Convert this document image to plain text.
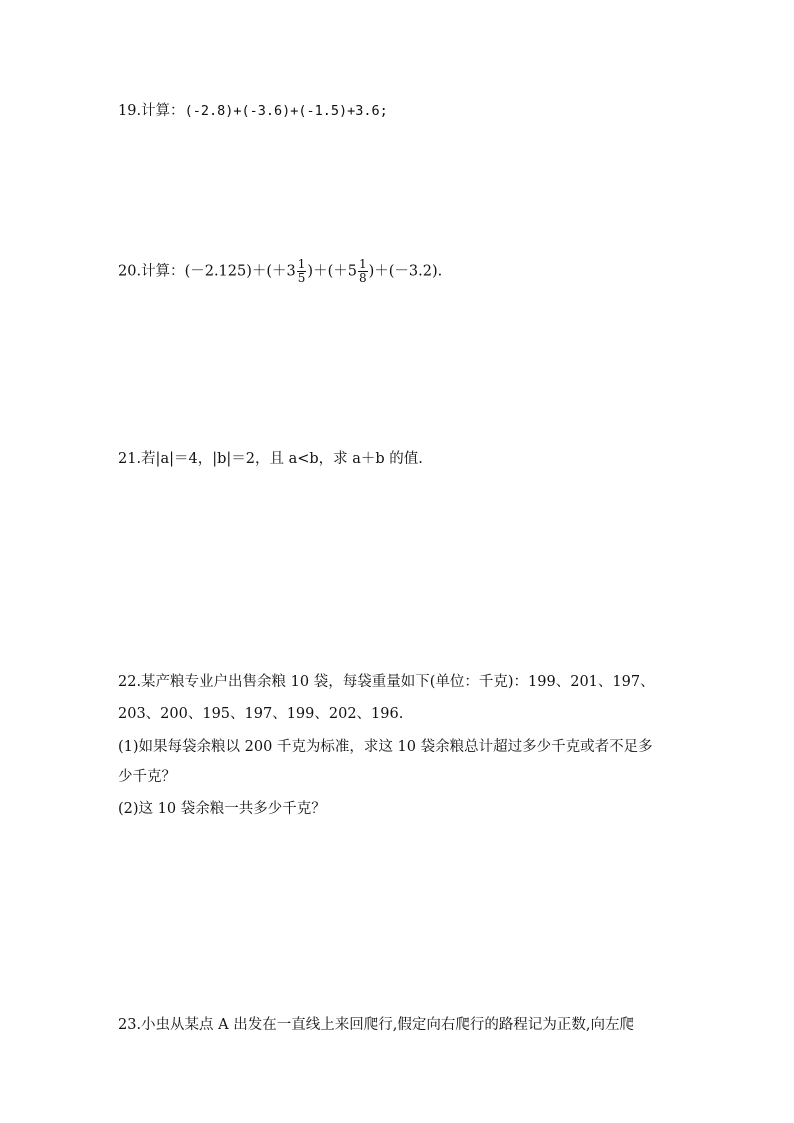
19.计算：(-2.8)+(-3.6)+(-1.5)+3.6;
20.计算：$(-2.125)+(+3 \frac{1}{5} )+(+5 \frac{1}{8} )+(-3.2)$.
21.若|a|＝4，|b|＝2，且 a<b，求 a＋b 的值.
22.某产粮专业户出售余粮 10 袋，每袋重量如下(单位：千克)：199、201、197、
203、200、195、197、199、202、196.
(1)如果每袋余粮以 200 千克为标准，求这 10 袋余粮总计超过多少千克或者不足多
少千克？
(2)这 10 袋余粮一共多少千克？
23.小虫从某点 A 出发在一直线上来回爬行,假定向右爬行的路程记为正数,向左爬
